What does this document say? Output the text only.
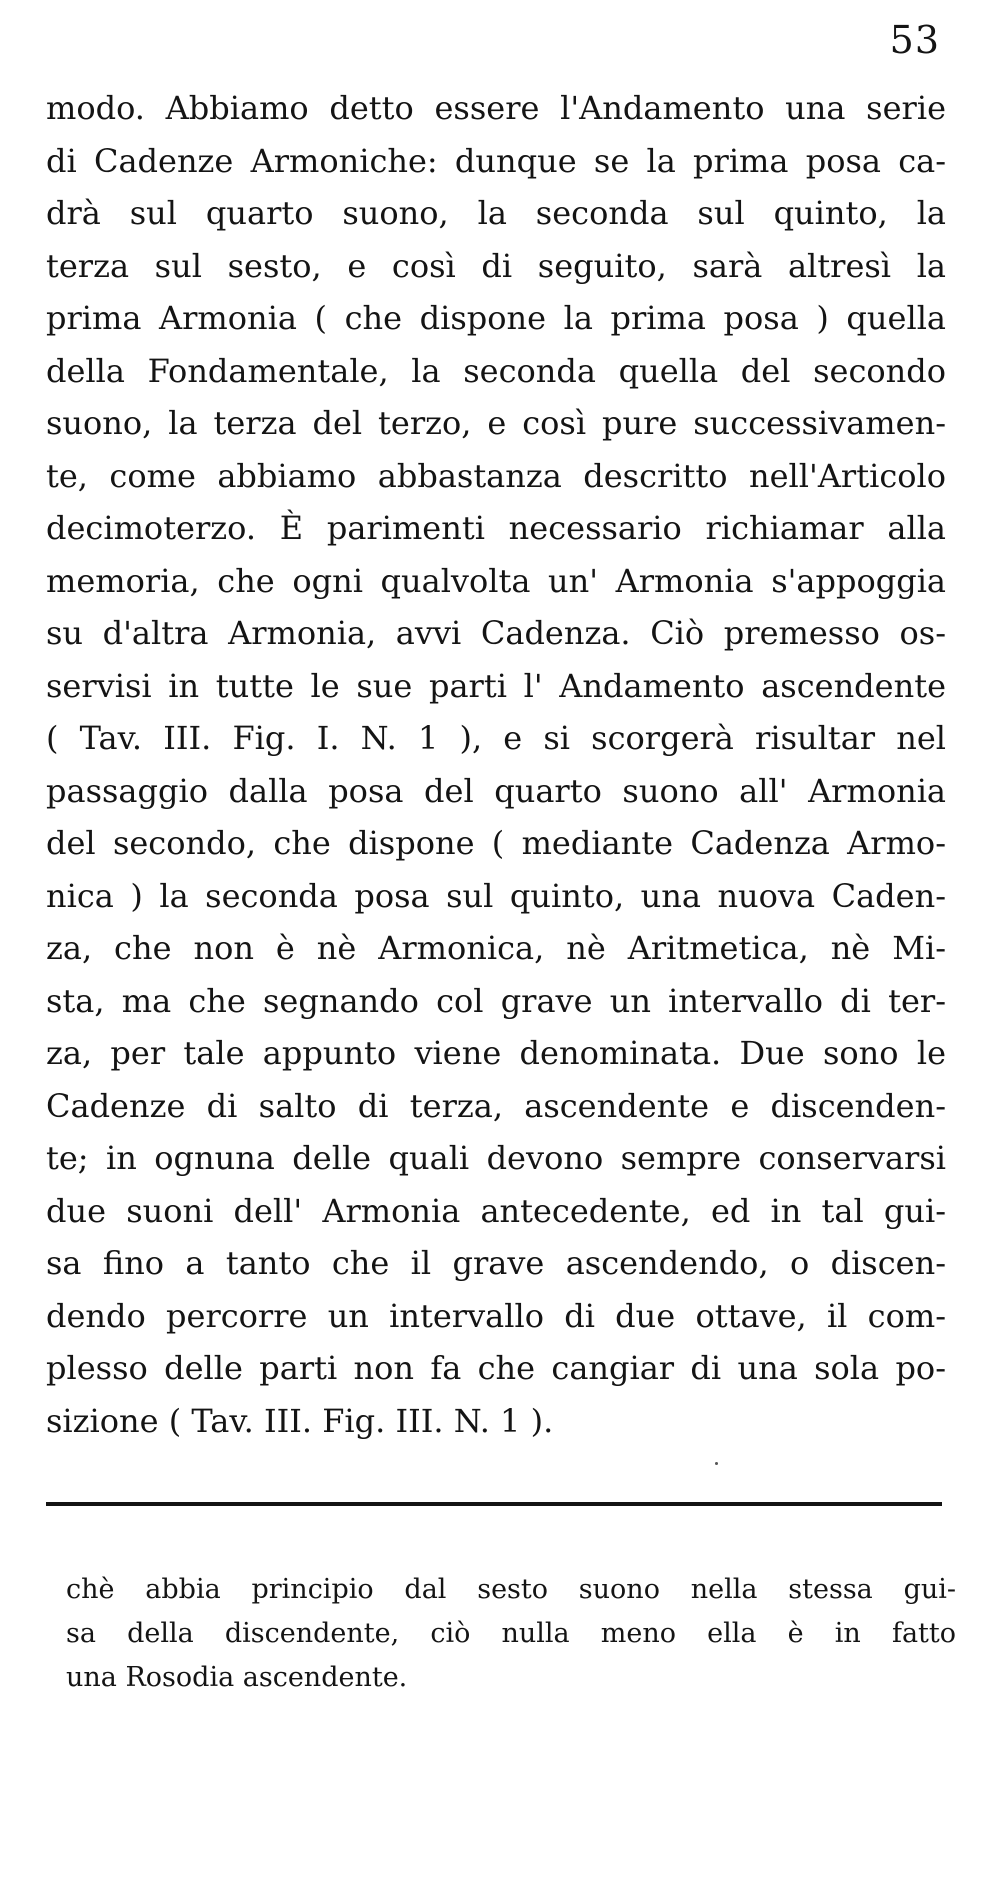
53
modo. Abbiamo detto essere l'Andamento una serie
di Cadenze Armoniche: dunque se la prima posa ca-
drà sul quarto suono, la seconda sul quinto, la
terza sul sesto, e così di seguito, sarà altresì la
prima Armonia ( che dispone la prima posa ) quella
della Fondamentale, la seconda quella del secondo
suono, la terza del terzo, e così pure successivamen-
te, come abbiamo abbastanza descritto nell'Articolo
decimoterzo. È parimenti necessario richiamar alla
memoria, che ogni qualvolta un' Armonia s'appoggia
su d'altra Armonia, avvi Cadenza. Ciò premesso os-
servisi in tutte le sue parti l' Andamento ascendente
( Tav. III. Fig. I. N. 1 ), e si scorgerà risultar nel
passaggio dalla posa del quarto suono all' Armonia
del secondo, che dispone ( mediante Cadenza Armo-
nica ) la seconda posa sul quinto, una nuova Caden-
za, che non è nè Armonica, nè Aritmetica, nè Mi-
sta, ma che segnando col grave un intervallo di ter-
za, per tale appunto viene denominata. Due sono le
Cadenze di salto di terza, ascendente e discenden-
te; in ognuna delle quali devono sempre conservarsi
due suoni dell' Armonia antecedente, ed in tal gui-
sa fino a tanto che il grave ascendendo, o discen-
dendo percorre un intervallo di due ottave, il com-
plesso delle parti non fa che cangiar di una sola po-
sizione ( Tav. III. Fig. III. N. 1 ).
chè abbia principio dal sesto suono nella stessa gui-
sa della discendente, ciò nulla meno ella è in fatto
una Rosodia ascendente.
